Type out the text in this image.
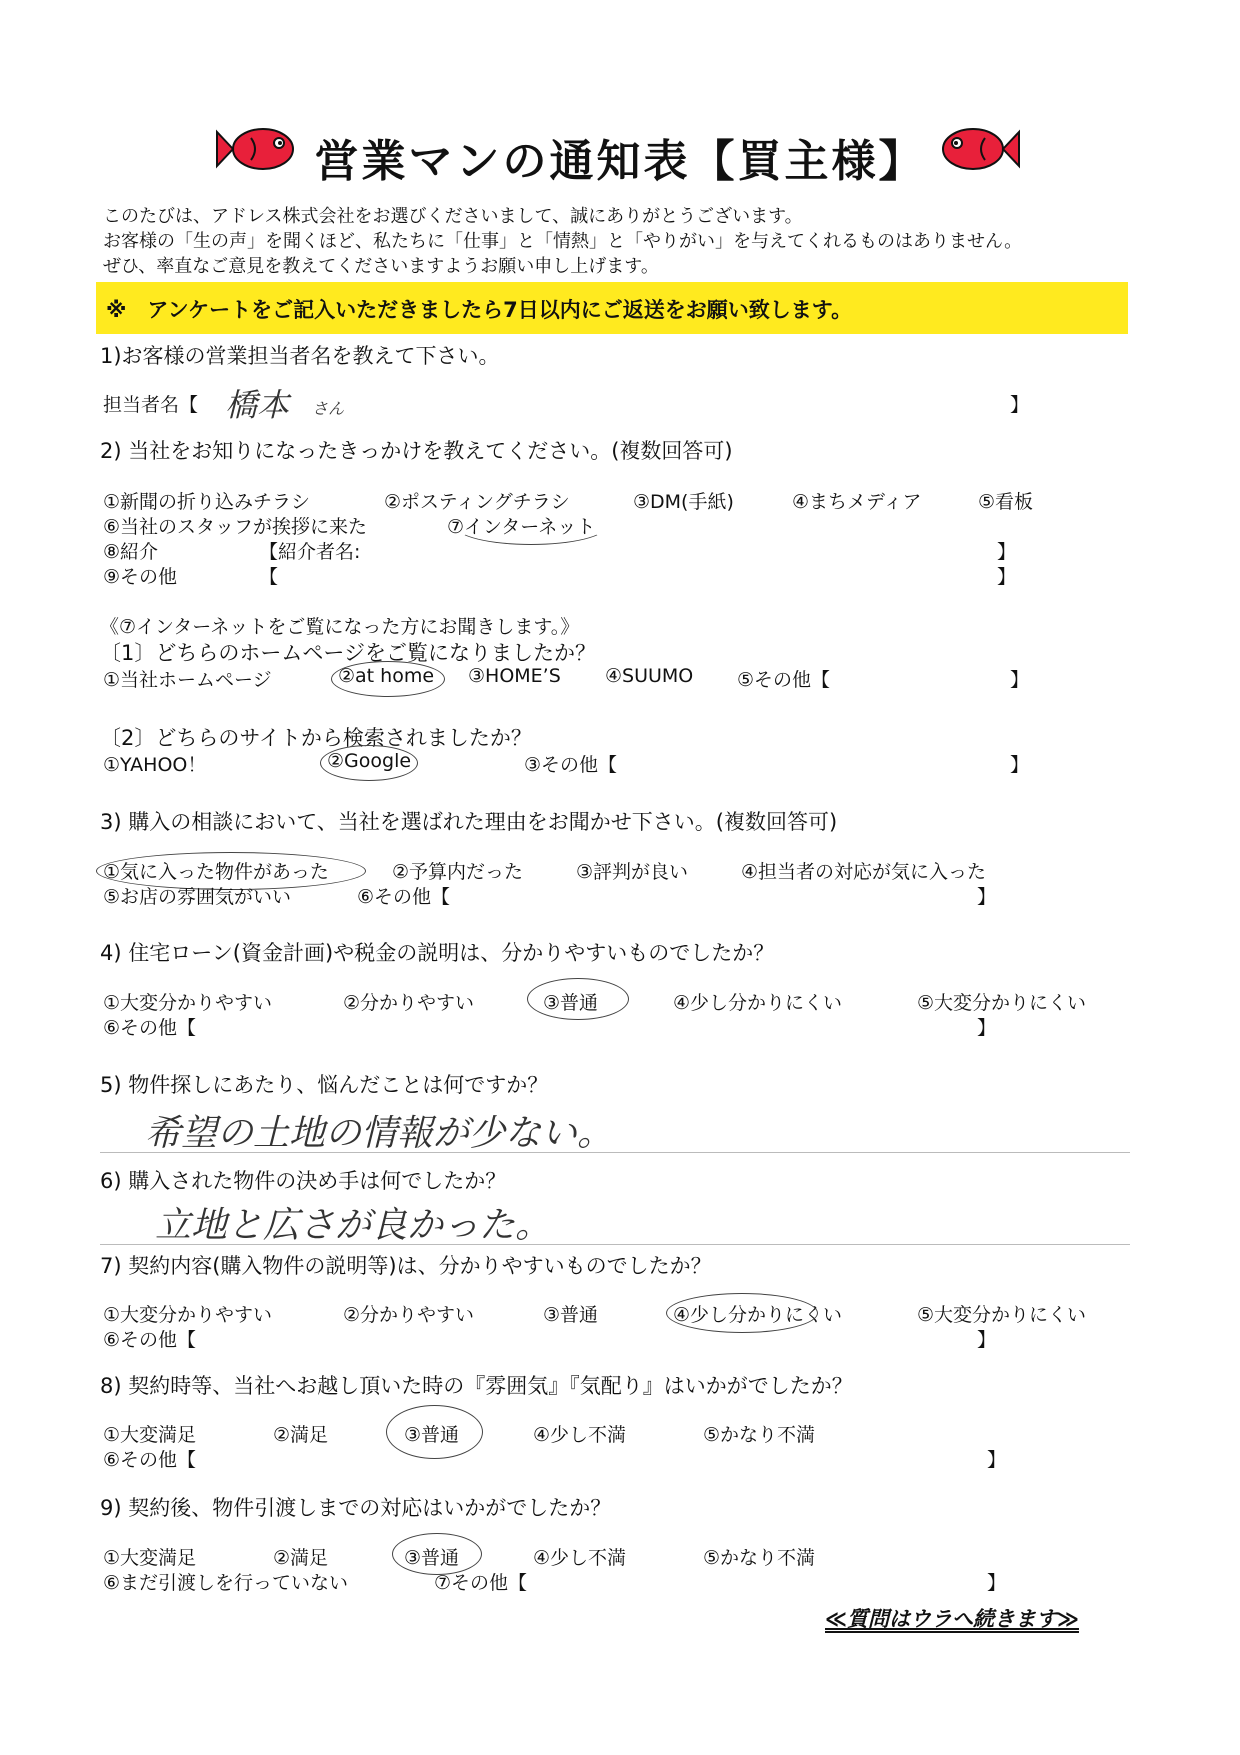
営業マンの通知表【買主様】
このたびは、アドレス株式会社をお選びくださいまして、誠にありがとうございます。
お客様の「生の声」を聞くほど、私たちに「仕事」と「情熱」と「やりがい」を与えてくれるものはありません。
ぜひ、率直なご意見を教えてくださいますようお願い申し上げます。
※　アンケートをご記入いただきましたら7日以内にご返送をお願い致します。
1)お客様の営業担当者名を教えて下さい。
担当者名【 橋本 さん	】
2) 当社をお知りになったきっかけを教えてください。(複数回答可)
①新聞の折り込みチラシ	②ポスティングチラシ	③DM(手紙)	④まちメディア	⑤看板
⑥当社のスタッフが挨拶に来た	⑦インターネット
⑧紹介	【紹介者名:	】
⑨その他	【	】
《⑦インターネットをご覧になった方にお聞きします。》
〔1〕どちらのホームページをご覧になりましたか？
①当社ホームページ	②at home ③HOME’S ④SUUMO ⑤その他【	】
〔2〕どちらのサイトから検索されましたか？
①YAHOO！	②Google	③その他【	】
3) 購入の相談において、当社を選ばれた理由をお聞かせ下さい。(複数回答可)
①気に入った物件があった	②予算内だった	③評判が良い	④担当者の対応が気に入った
⑤お店の雰囲気がいい	⑥その他【	】
4) 住宅ローン(資金計画)や税金の説明は、分かりやすいものでしたか？
①大変分かりやすい	②分かりやすい	③普通	④少し分かりにくい	⑤大変分かりにくい
⑥その他【	】
5) 物件探しにあたり、悩んだことは何ですか？
希望の土地の情報が少ない。
6) 購入された物件の決め手は何でしたか？
立地と広さが良かった。
7) 契約内容(購入物件の説明等)は、分かりやすいものでしたか？
①大変分かりやすい	②分かりやすい	③普通	④少し分かりにくい	⑤大変分かりにくい
⑥その他【	】
8) 契約時等、当社へお越し頂いた時の『雰囲気』『気配り』はいかがでしたか？
①大変満足	②満足	③普通	④少し不満	⑤かなり不満
⑥その他【	】
9) 契約後、物件引渡しまでの対応はいかがでしたか？
①大変満足	②満足	③普通	④少し不満	⑤かなり不満
⑥まだ引渡しを行っていない	⑦その他【	】
≪質問はウラへ続きます≫
